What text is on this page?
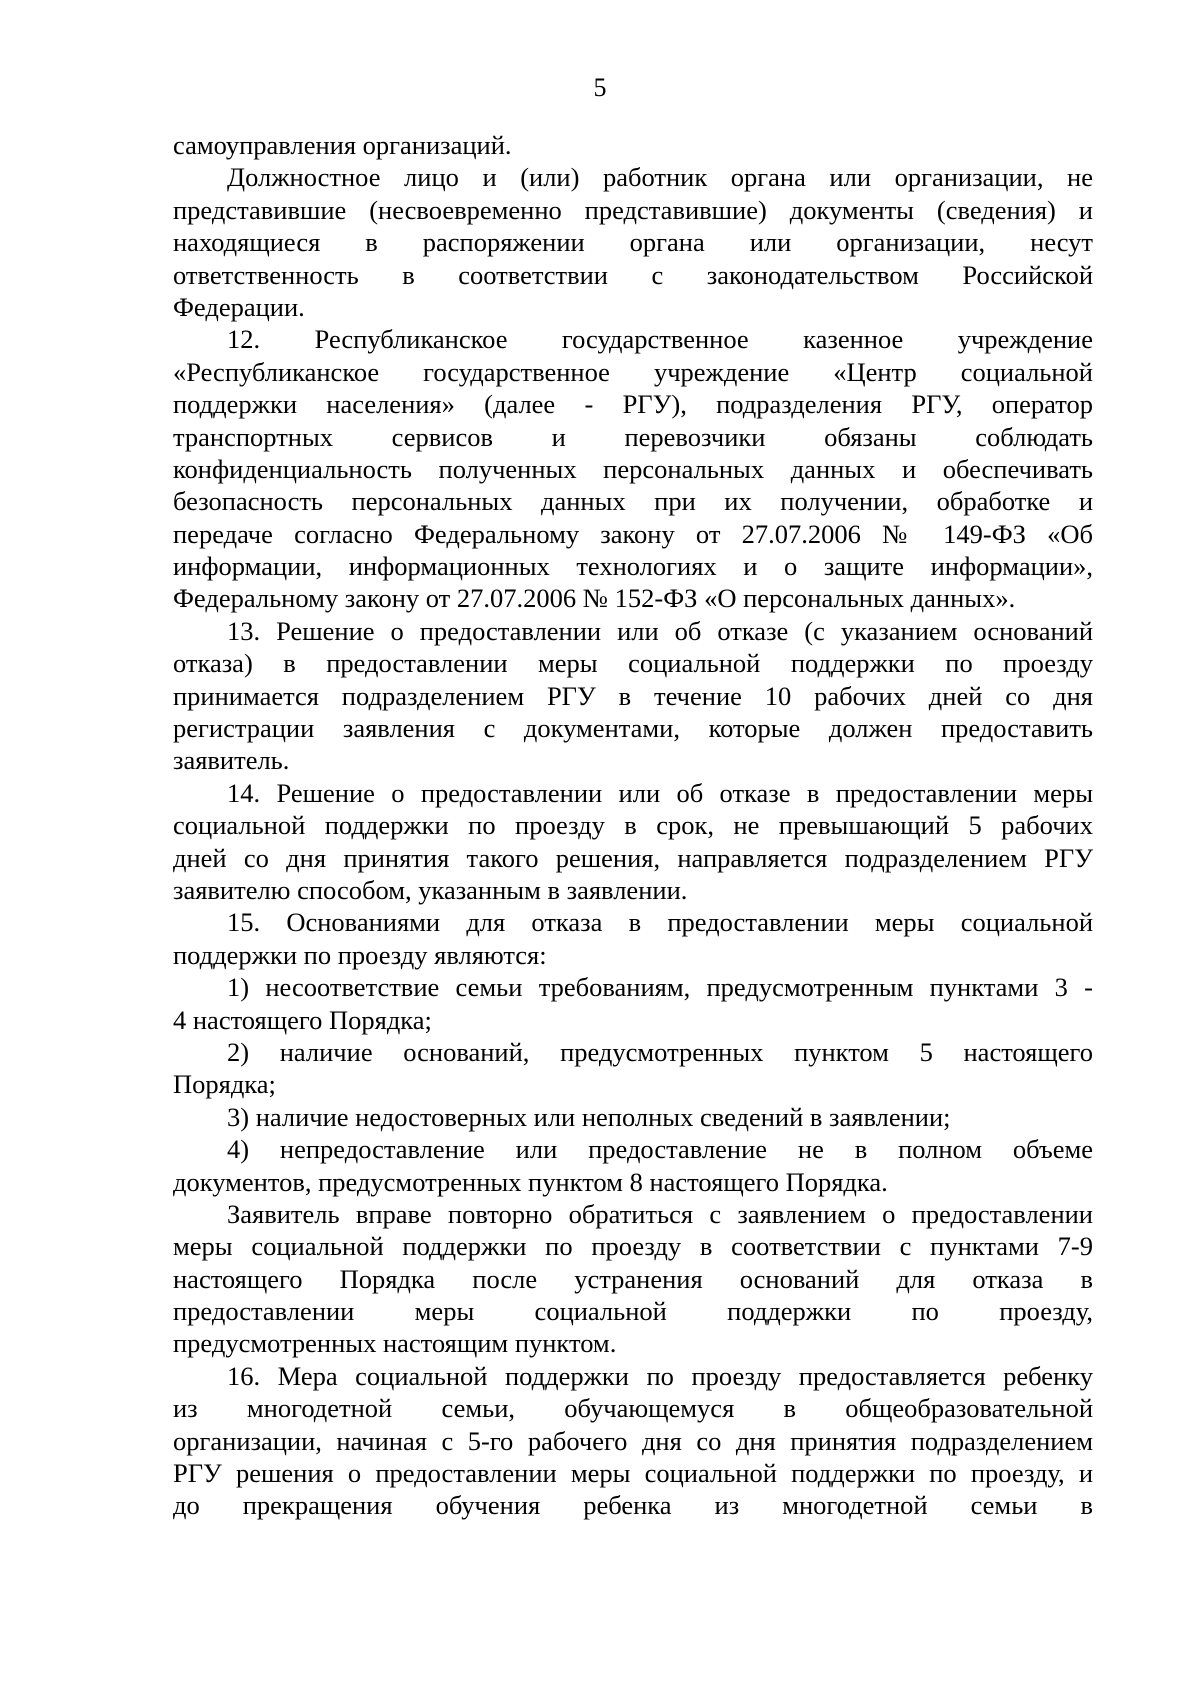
5
самоуправления организаций.
Должностное лицо и (или) работник органа или организации, не
представившие (несвоевременно представившие) документы (сведения) и
находящиеся в распоряжении органа или организации, несут
ответственность в соответствии с законодательством Российской
Федерации.
12. Республиканское государственное казенное учреждение
«Республиканское государственное учреждение «Центр социальной
поддержки населения» (далее - РГУ), подразделения РГУ, оператор
транспортных сервисов и перевозчики обязаны соблюдать
конфиденциальность полученных персональных данных и обеспечивать
безопасность персональных данных при их получении, обработке и
передаче согласно Федеральному закону от 27.07.2006 № 149-ФЗ «Об
информации, информационных технологиях и о защите информации»,
Федеральному закону от 27.07.2006 № 152-ФЗ «О персональных данных».
13. Решение о предоставлении или об отказе (с указанием оснований
отказа) в предоставлении меры социальной поддержки по проезду
принимается подразделением РГУ в течение 10 рабочих дней со дня
регистрации заявления с документами, которые должен предоставить
заявитель.
14. Решение о предоставлении или об отказе в предоставлении меры
социальной поддержки по проезду в срок, не превышающий 5 рабочих
дней со дня принятия такого решения, направляется подразделением РГУ
заявителю способом, указанным в заявлении.
15. Основаниями для отказа в предоставлении меры социальной
поддержки по проезду являются:
1) несоответствие семьи требованиям, предусмотренным пунктами 3 -
4 настоящего Порядка;
2) наличие оснований, предусмотренных пунктом 5 настоящего
Порядка;
3) наличие недостоверных или неполных сведений в заявлении;
4) непредоставление или предоставление не в полном объеме
документов, предусмотренных пунктом 8 настоящего Порядка.
Заявитель вправе повторно обратиться с заявлением о предоставлении
меры социальной поддержки по проезду в соответствии с пунктами 7-9
настоящего Порядка после устранения оснований для отказа в
предоставлении меры социальной поддержки по проезду,
предусмотренных настоящим пунктом.
16. Мера социальной поддержки по проезду предоставляется ребенку
из многодетной семьи, обучающемуся в общеобразовательной
организации, начиная с 5-го рабочего дня со дня принятия подразделением
РГУ решения о предоставлении меры социальной поддержки по проезду, и
до прекращения обучения ребенка из многодетной семьи в
